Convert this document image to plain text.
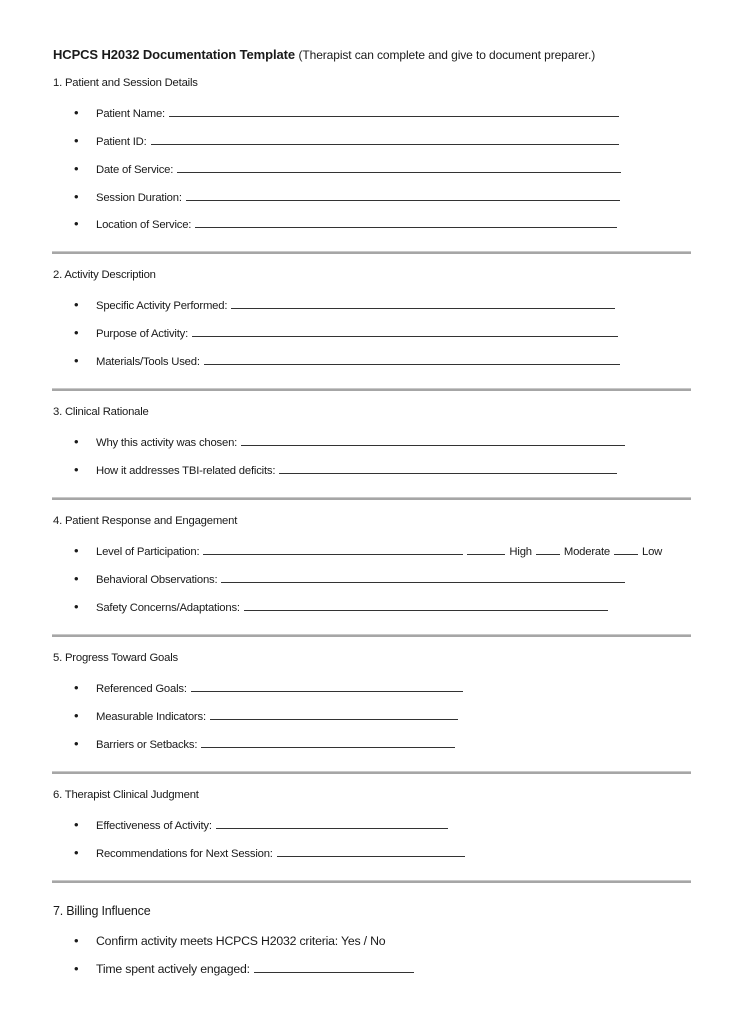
HCPCS H2032 Documentation Template (Therapist can complete and give to document preparer.)
1. Patient and Session Details
•	Patient Name:
•	Patient ID:
•	Date of Service:
•	Session Duration:
•	Location of Service:
2. Activity Description
•	Specific Activity Performed:
•	Purpose of Activity:
•	Materials/Tools Used:
3. Clinical Rationale
•	Why this activity was chosen:
•	How it addresses TBI-related deficits:
4. Patient Response and Engagement
•	Level of Participation:	High	Moderate	Low
•	Behavioral Observations:
•	Safety Concerns/Adaptations:
5. Progress Toward Goals
•	Referenced Goals:
•	Measurable Indicators:
•	Barriers or Setbacks:
6. Therapist Clinical Judgment
•	Effectiveness of Activity:
•	Recommendations for Next Session:
7. Billing Influence
•	Confirm activity meets HCPCS H2032 criteria: Yes / No
•	Time spent actively engaged:
